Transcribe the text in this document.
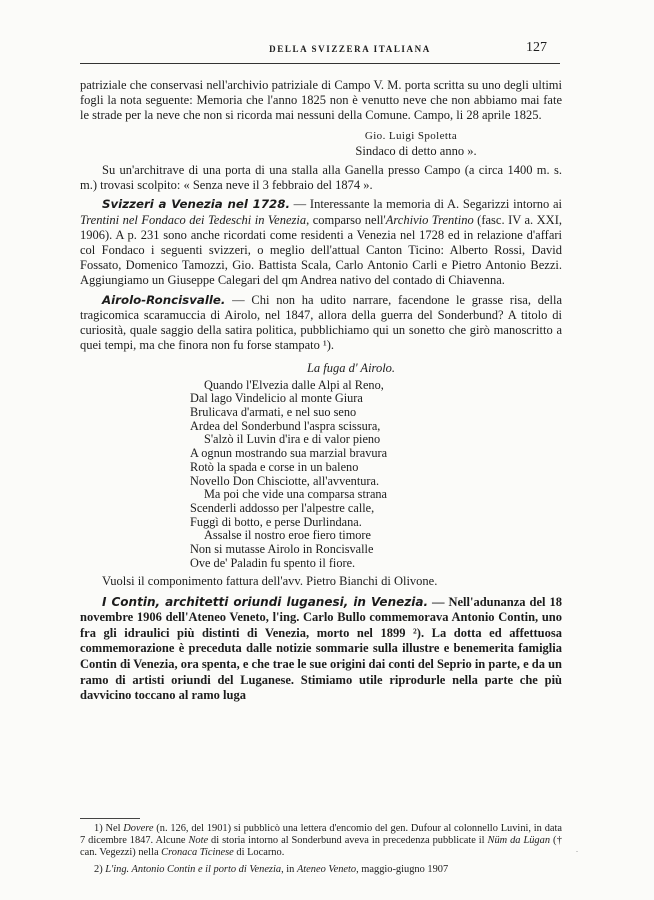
DELLA SVIZZERA ITALIANA	127

patriziale che conservasi nell'archivio patriziale di Campo V. M. porta scritta su uno degli ultimi fogli la nota seguente: Memoria che l'anno 1825 non è venutto neve che non abbiamo mai fate le strade per la neve che non si ricorda mai nessuni della Comune. Campo, li 28 aprile 1825.

Gio. Luigi Spoletta

Sindaco di detto anno ».

Su un'architrave di una porta di una stalla alla Ganella presso Campo (a circa 1400 m. s. m.) trovasi scolpito: « Senza neve il 3 febbraio del 1874 ».

Svizzeri a Venezia nel 1728. — Interessante la memoria di A. Segarizzi intorno ai Trentini nel Fondaco dei Tedeschi in Venezia, comparso nell'Archivio Trentino (fasc. IV a. XXI, 1906). A p. 231 sono anche ricordati come residenti a Venezia nel 1728 ed in relazione d'affari col Fondaco i seguenti svizzeri, o meglio dell'attual Canton Ticino: Alberto Rossi, David Fossato, Domenico Tamozzi, Gio. Battista Scala, Carlo Antonio Carli e Pietro Antonio Bezzi. Aggiungiamo un Giuseppe Calegari del qm Andrea nativo del contado di Chiavenna.

Airolo-Roncisvalle. — Chi non ha udito narrare, facendone le grasse risa, della tragicomica scaramuccia di Airolo, nel 1847, allora della guerra del Sonderbund? A titolo di curiosità, quale saggio della satira politica, pubblichiamo qui un sonetto che girò manoscritto a quei tempi, ma che finora non fu forse stampato ¹).

La fuga d' Airolo.

Quando l'Elvezia dalle Alpi al Reno,
Dal lago Vindelicio al monte Giura
Brulicava d'armati, e nel suo seno
Ardea del Sonderbund l'aspra scissura,
S'alzò il Luvin d'ira e di valor pieno
A ognun mostrando sua marzial bravura
Rotò la spada e corse in un baleno
Novello Don Chisciotte, all'avventura.
Ma poi che vide una comparsa strana
Scenderli addosso per l'alpestre calle,
Fuggì di botto, e perse Durlindana.
Assalse il nostro eroe fiero timore
Non si mutasse Airolo in Roncisvalle
Ove de' Paladin fu spento il fiore.

Vuolsi il componimento fattura dell'avv. Pietro Bianchi di Olivone.

I Contin, architetti oriundi luganesi, in Venezia. — Nell'adunanza del 18 novembre 1906 dell'Ateneo Veneto, l'ing. Carlo Bullo commemorava Antonio Contin, uno fra gli idraulici più distinti di Venezia, morto nel 1899 ²). La dotta ed affettuosa commemorazione è preceduta dalle notizie sommarie sulla illustre e benemerita famiglia Contin di Venezia, ora spenta, e che trae le sue origini dai conti del Seprio in parte, e da un ramo di artisti oriundi del Luganese. Stimiamo utile riprodurle nella parte che più davvicino toccano al ramo luga

1) Nel Dovere (n. 126, del 1901) si pubblicò una lettera d'encomio del gen. Dufour al colonnello Luvini, in data 7 dicembre 1847. Alcune Note di storia intorno al Sonderbund aveva in precedenza pubblicate il Nüm da Lügan († can. Vegezzi) nella Cronaca Ticinese di Locarno.

2) L'ing. Antonio Contin e il porto di Venezia, in Ateneo Veneto, maggio-giugno 1907

.
